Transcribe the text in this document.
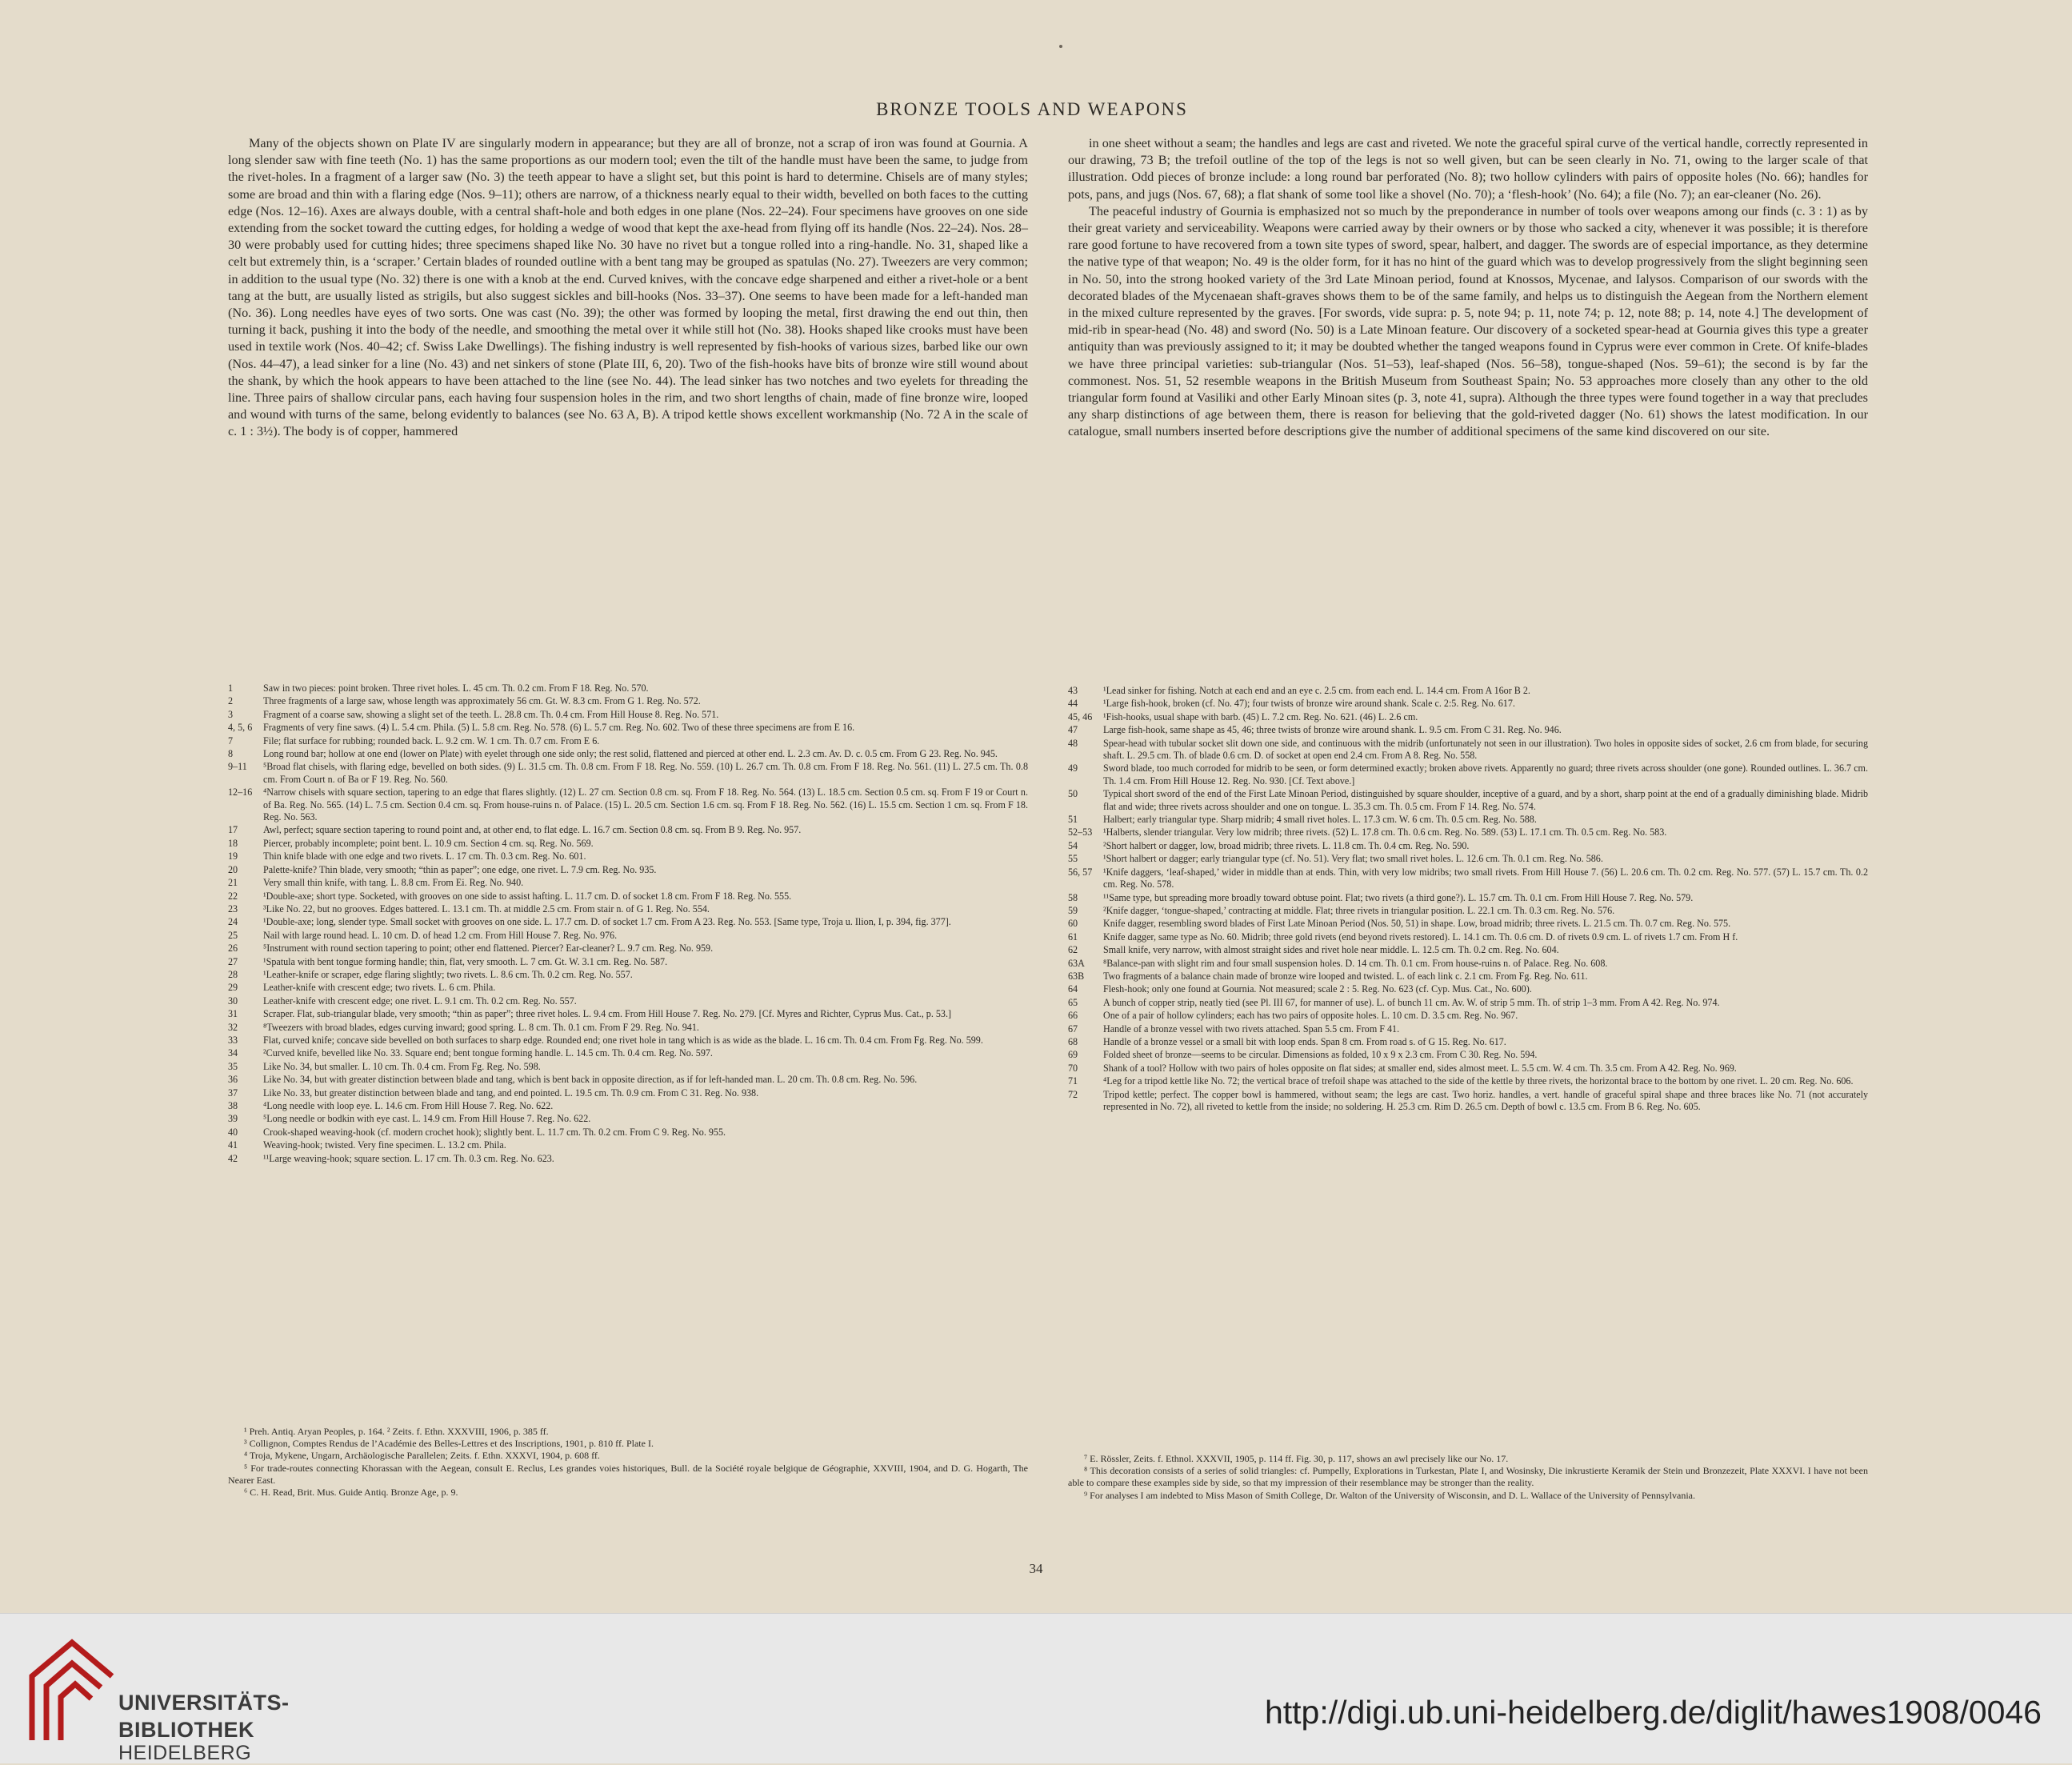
BRONZE TOOLS AND WEAPONS

Many of the objects shown on Plate IV are singularly modern in appearance; but they are all of bronze, not a scrap of iron was found at Gournia. A long slender saw with fine teeth (No. 1) has the same proportions as our modern tool; even the tilt of the handle must have been the same, to judge from the rivet-holes. In a fragment of a larger saw (No. 3) the teeth appear to have a slight set, but this point is hard to determine. Chisels are of many styles; some are broad and thin with a flaring edge (Nos. 9–11); others are narrow, of a thickness nearly equal to their width, bevelled on both faces to the cutting edge (Nos. 12–16). Axes are always double, with a central shaft-hole and both edges in one plane (Nos. 22–24). Four specimens have grooves on one side extending from the socket toward the cutting edges, for holding a wedge of wood that kept the axe-head from flying off its handle (Nos. 22–24). Nos. 28–30 were probably used for cutting hides; three specimens shaped like No. 30 have no rivet but a tongue rolled into a ring-handle. No. 31, shaped like a celt but extremely thin, is a ‘scraper.’ Certain blades of rounded outline with a bent tang may be grouped as spatulas (No. 27). Tweezers are very common; in addition to the usual type (No. 32) there is one with a knob at the end. Curved knives, with the concave edge sharpened and either a rivet-hole or a bent tang at the butt, are usually listed as strigils, but also suggest sickles and bill-hooks (Nos. 33–37). One seems to have been made for a left-handed man (No. 36). Long needles have eyes of two sorts. One was cast (No. 39); the other was formed by looping the metal, first drawing the end out thin, then turning it back, pushing it into the body of the needle, and smoothing the metal over it while still hot (No. 38). Hooks shaped like crooks must have been used in textile work (Nos. 40–42; cf. Swiss Lake Dwellings). The fishing industry is well represented by fish-hooks of various sizes, barbed like our own (Nos. 44–47), a lead sinker for a line (No. 43) and net sinkers of stone (Plate III, 6, 20). Two of the fish-hooks have bits of bronze wire still wound about the shank, by which the hook appears to have been attached to the line (see No. 44). The lead sinker has two notches and two eyelets for threading the line. Three pairs of shallow circular pans, each having four suspension holes in the rim, and two short lengths of chain, made of fine bronze wire, looped and wound with turns of the same, belong evidently to balances (see No. 63 A, B). A tripod kettle shows excellent workmanship (No. 72 A in the scale of c. 1 : 3½). The body is of copper, hammered

in one sheet without a seam; the handles and legs are cast and riveted. We note the graceful spiral curve of the vertical handle, correctly represented in our drawing, 73 B; the trefoil outline of the top of the legs is not so well given, but can be seen clearly in No. 71, owing to the larger scale of that illustration. Odd pieces of bronze include: a long round bar perforated (No. 8); two hollow cylinders with pairs of opposite holes (No. 66); handles for pots, pans, and jugs (Nos. 67, 68); a flat shank of some tool like a shovel (No. 70); a ‘flesh-hook’ (No. 64); a file (No. 7); an ear-cleaner (No. 26).

The peaceful industry of Gournia is emphasized not so much by the preponderance in number of tools over weapons among our finds (c. 3 : 1) as by their great variety and serviceability. Weapons were carried away by their owners or by those who sacked a city, whenever it was possible; it is therefore rare good fortune to have recovered from a town site types of sword, spear, halbert, and dagger. The swords are of especial importance, as they determine the native type of that weapon; No. 49 is the older form, for it has no hint of the guard which was to develop progressively from the slight beginning seen in No. 50, into the strong hooked variety of the 3rd Late Minoan period, found at Knossos, Mycenae, and Ialysos. Comparison of our swords with the decorated blades of the Mycenaean shaft-graves shows them to be of the same family, and helps us to distinguish the Aegean from the Northern element in the mixed culture represented by the graves. [For swords, vide supra: p. 5, note 94; p. 11, note 74; p. 12, note 88; p. 14, note 4.] The development of mid-rib in spear-head (No. 48) and sword (No. 50) is a Late Minoan feature. Our discovery of a socketed spear-head at Gournia gives this type a greater antiquity than was previously assigned to it; it may be doubted whether the tanged weapons found in Cyprus were ever common in Crete. Of knife-blades we have three principal varieties: sub-triangular (Nos. 51–53), leaf-shaped (Nos. 56–58), tongue-shaped (Nos. 59–61); the second is by far the commonest. Nos. 51, 52 resemble weapons in the British Museum from Southeast Spain; No. 53 approaches more closely than any other to the old triangular form found at Vasiliki and other Early Minoan sites (p. 3, note 41, supra). Although the three types were found together in a way that precludes any sharp distinctions of age between them, there is reason for believing that the gold-riveted dagger (No. 61) shows the latest modification. In our catalogue, small numbers inserted before descriptions give the number of additional specimens of the same kind discovered on our site.

1	Saw in two pieces: point broken. Three rivet holes. L. 45 cm. Th. 0.2 cm. From F 18. Reg. No. 570.
2	Three fragments of a large saw, whose length was approximately 56 cm. Gt. W. 8.3 cm. From G 1. Reg. No. 572.
3	Fragment of a coarse saw, showing a slight set of the teeth. L. 28.8 cm. Th. 0.4 cm. From Hill House 8. Reg. No. 571.
4, 5, 6	Fragments of very fine saws. (4) L. 5.4 cm. Phila. (5) L. 5.8 cm. Reg. No. 578. (6) L. 5.7 cm. Reg. No. 602. Two of these three specimens are from E 16.
7	File; flat surface for rubbing; rounded back. L. 9.2 cm. W. 1 cm. Th. 0.7 cm. From E 6.
8	Long round bar; hollow at one end (lower on Plate) with eyelet through one side only; the rest solid, flattened and pierced at other end. L. 2.3 cm. Av. D. c. 0.5 cm. From G 23. Reg. No. 945.
9–11	⁵Broad flat chisels, with flaring edge, bevelled on both sides. (9) L. 31.5 cm. Th. 0.8 cm. From F 18. Reg. No. 559. (10) L. 26.7 cm. Th. 0.8 cm. From F 18. Reg. No. 561. (11) L. 27.5 cm. Th. 0.8 cm. From Court n. of Ba or F 19. Reg. No. 560.
12–16	⁴Narrow chisels with square section, tapering to an edge that flares slightly. (12) L. 27 cm. Section 0.8 cm. sq. From F 18. Reg. No. 564. (13) L. 18.5 cm. Section 0.5 cm. sq. From F 19 or Court n. of Ba. Reg. No. 565. (14) L. 7.5 cm. Section 0.4 cm. sq. From house-ruins n. of Palace. (15) L. 20.5 cm. Section 1.6 cm. sq. From F 18. Reg. No. 562. (16) L. 15.5 cm. Section 1 cm. sq. From F 18. Reg. No. 563.
17	Awl, perfect; square section tapering to round point and, at other end, to flat edge. L. 16.7 cm. Section 0.8 cm. sq. From B 9. Reg. No. 957.
18	Piercer, probably incomplete; point bent. L. 10.9 cm. Section 4 cm. sq. Reg. No. 569.
19	Thin knife blade with one edge and two rivets. L. 17 cm. Th. 0.3 cm. Reg. No. 601.
20	Palette-knife? Thin blade, very smooth; “thin as paper”; one edge, one rivet. L. 7.9 cm. Reg. No. 935.
21	Very small thin knife, with tang. L. 8.8 cm. From Ei. Reg. No. 940.
22	¹Double-axe; short type. Socketed, with grooves on one side to assist hafting. L. 11.7 cm. D. of socket 1.8 cm. From F 18. Reg. No. 555.
23	³Like No. 22, but no grooves. Edges battered. L. 13.1 cm. Th. at middle 2.5 cm. From stair n. of G 1. Reg. No. 554.
24	¹Double-axe; long, slender type. Small socket with grooves on one side. L. 17.7 cm. D. of socket 1.7 cm. From A 23. Reg. No. 553. [Same type, Troja u. Ilion, I, p. 394, fig. 377].
25	Nail with large round head. L. 10 cm. D. of head 1.2 cm. From Hill House 7. Reg. No. 976.
26	⁵Instrument with round section tapering to point; other end flattened. Piercer? Ear-cleaner? L. 9.7 cm. Reg. No. 959.
27	¹Spatula with bent tongue forming handle; thin, flat, very smooth. L. 7 cm. Gt. W. 3.1 cm. Reg. No. 587.
28	¹Leather-knife or scraper, edge flaring slightly; two rivets. L. 8.6 cm. Th. 0.2 cm. Reg. No. 557.
29	Leather-knife with crescent edge; two rivets. L. 6 cm. Phila.
30	Leather-knife with crescent edge; one rivet. L. 9.1 cm. Th. 0.2 cm. Reg. No. 557.
31	Scraper. Flat, sub-triangular blade, very smooth; “thin as paper”; three rivet holes. L. 9.4 cm. From Hill House 7. Reg. No. 279. [Cf. Myres and Richter, Cyprus Mus. Cat., p. 53.]
32	⁸Tweezers with broad blades, edges curving inward; good spring. L. 8 cm. Th. 0.1 cm. From F 29. Reg. No. 941.
33	Flat, curved knife; concave side bevelled on both surfaces to sharp edge. Rounded end; one rivet hole in tang which is as wide as the blade. L. 16 cm. Th. 0.4 cm. From Fg. Reg. No. 599.
34	²Curved knife, bevelled like No. 33. Square end; bent tongue forming handle. L. 14.5 cm. Th. 0.4 cm. Reg. No. 597.
35	Like No. 34, but smaller. L. 10 cm. Th. 0.4 cm. From Fg. Reg. No. 598.
36	Like No. 34, but with greater distinction between blade and tang, which is bent back in opposite direction, as if for left-handed man. L. 20 cm. Th. 0.8 cm. Reg. No. 596.
37	Like No. 33, but greater distinction between blade and tang, and end pointed. L. 19.5 cm. Th. 0.9 cm. From C 31. Reg. No. 938.
38	⁴Long needle with loop eye. L. 14.6 cm. From Hill House 7. Reg. No. 622.
39	⁵Long needle or bodkin with eye cast. L. 14.9 cm. From Hill House 7. Reg. No. 622.
40	Crook-shaped weaving-hook (cf. modern crochet hook); slightly bent. L. 11.7 cm. Th. 0.2 cm. From C 9. Reg. No. 955.
41	Weaving-hook; twisted. Very fine specimen. L. 13.2 cm. Phila.
42	¹¹Large weaving-hook; square section. L. 17 cm. Th. 0.3 cm. Reg. No. 623.
43	¹Lead sinker for fishing. Notch at each end and an eye c. 2.5 cm. from each end. L. 14.4 cm. From A 16or B 2.
44	¹Large fish-hook, broken (cf. No. 47); four twists of bronze wire around shank. Scale c. 2:5. Reg. No. 617.
45, 46	¹Fish-hooks, usual shape with barb. (45) L. 7.2 cm. Reg. No. 621. (46) L. 2.6 cm.
47	Large fish-hook, same shape as 45, 46; three twists of bronze wire around shank. L. 9.5 cm. From C 31. Reg. No. 946.
48	Spear-head with tubular socket slit down one side, and continuous with the midrib (unfortunately not seen in our illustration). Two holes in opposite sides of socket, 2.6 cm from blade, for securing shaft. L. 29.5 cm. Th. of blade 0.6 cm. D. of socket at open end 2.4 cm. From A 8. Reg. No. 558.
49	Sword blade, too much corroded for midrib to be seen, or form determined exactly; broken above rivets. Apparently no guard; three rivets across shoulder (one gone). Rounded outlines. L. 36.7 cm. Th. 1.4 cm. From Hill House 12. Reg. No. 930. [Cf. Text above.]
50	Typical short sword of the end of the First Late Minoan Period, distinguished by square shoulder, inceptive of a guard, and by a short, sharp point at the end of a gradually diminishing blade. Midrib flat and wide; three rivets across shoulder and one on tongue. L. 35.3 cm. Th. 0.5 cm. From F 14. Reg. No. 574.
51	Halbert; early triangular type. Sharp midrib; 4 small rivet holes. L. 17.3 cm. W. 6 cm. Th. 0.5 cm. Reg. No. 588.
52–53	¹Halberts, slender triangular. Very low midrib; three rivets. (52) L. 17.8 cm. Th. 0.6 cm. Reg. No. 589. (53) L. 17.1 cm. Th. 0.5 cm. Reg. No. 583.
54	²Short halbert or dagger, low, broad midrib; three rivets. L. 11.8 cm. Th. 0.4 cm. Reg. No. 590.
55	¹Short halbert or dagger; early triangular type (cf. No. 51). Very flat; two small rivet holes. L. 12.6 cm. Th. 0.1 cm. Reg. No. 586.
56, 57	¹Knife daggers, ‘leaf-shaped,’ wider in middle than at ends. Thin, with very low midribs; two small rivets. From Hill House 7. (56) L. 20.6 cm. Th. 0.2 cm. Reg. No. 577. (57) L. 15.7 cm. Th. 0.2 cm. Reg. No. 578.
58	¹¹Same type, but spreading more broadly toward obtuse point. Flat; two rivets (a third gone?). L. 15.7 cm. Th. 0.1 cm. From Hill House 7. Reg. No. 579.
59	²Knife dagger, ‘tongue-shaped,’ contracting at middle. Flat; three rivets in triangular position. L. 22.1 cm. Th. 0.3 cm. Reg. No. 576.
60	Knife dagger, resembling sword blades of First Late Minoan Period (Nos. 50, 51) in shape. Low, broad midrib; three rivets. L. 21.5 cm. Th. 0.7 cm. Reg. No. 575.
61	Knife dagger, same type as No. 60. Midrib; three gold rivets (end beyond rivets restored). L. 14.1 cm. Th. 0.6 cm. D. of rivets 0.9 cm. L. of rivets 1.7 cm. From H f.
62	Small knife, very narrow, with almost straight sides and rivet hole near middle. L. 12.5 cm. Th. 0.2 cm. Reg. No. 604.
63A	⁸Balance-pan with slight rim and four small suspension holes. D. 14 cm. Th. 0.1 cm. From house-ruins n. of Palace. Reg. No. 608.
63B	Two fragments of a balance chain made of bronze wire looped and twisted. L. of each link c. 2.1 cm. From Fg. Reg. No. 611.
64	Flesh-hook; only one found at Gournia. Not measured; scale 2 : 5. Reg. No. 623 (cf. Cyp. Mus. Cat., No. 600).
65	A bunch of copper strip, neatly tied (see Pl. III 67, for manner of use). L. of bunch 11 cm. Av. W. of strip 5 mm. Th. of strip 1–3 mm. From A 42. Reg. No. 974.
66	One of a pair of hollow cylinders; each has two pairs of opposite holes. L. 10 cm. D. 3.5 cm. Reg. No. 967.
67	Handle of a bronze vessel with two rivets attached. Span 5.5 cm. From F 41.
68	Handle of a bronze vessel or a small bit with loop ends. Span 8 cm. From road s. of G 15. Reg. No. 617.
69	Folded sheet of bronze—seems to be circular. Dimensions as folded, 10 x 9 x 2.3 cm. From C 30. Reg. No. 594.
70	Shank of a tool? Hollow with two pairs of holes opposite on flat sides; at smaller end, sides almost meet. L. 5.5 cm. W. 4 cm. Th. 3.5 cm. From A 42. Reg. No. 969.
71	⁴Leg for a tripod kettle like No. 72; the vertical brace of trefoil shape was attached to the side of the kettle by three rivets, the horizontal brace to the bottom by one rivet. L. 20 cm. Reg. No. 606.
72	Tripod kettle; perfect. The copper bowl is hammered, without seam; the legs are cast. Two horiz. handles, a vert. handle of graceful spiral shape and three braces like No. 71 (not accurately represented in No. 72), all riveted to kettle from the inside; no soldering. H. 25.3 cm. Rim D. 26.5 cm. Depth of bowl c. 13.5 cm. From B 6. Reg. No. 605.

¹ Preh. Antiq. Aryan Peoples, p. 164. ² Zeits. f. Ethn. XXXVIII, 1906, p. 385 ff.

³ Collignon, Comptes Rendus de l’Académie des Belles-Lettres et des Inscriptions, 1901, p. 810 ff. Plate I.

⁴ Troja, Mykene, Ungarn, Archäologische Parallelen; Zeits. f. Ethn. XXXVI, 1904, p. 608 ff.

⁵ For trade-routes connecting Khorassan with the Aegean, consult E. Reclus, Les grandes voies historiques, Bull. de la Société royale belgique de Géographie, XXVIII, 1904, and D. G. Hogarth, The Nearer East.

⁶ C. H. Read, Brit. Mus. Guide Antiq. Bronze Age, p. 9.

⁷ E. Rössler, Zeits. f. Ethnol. XXXVII, 1905, p. 114 ff. Fig. 30, p. 117, shows an awl precisely like our No. 17.

⁸ This decoration consists of a series of solid triangles: cf. Pumpelly, Explorations in Turkestan, Plate I, and Wosinsky, Die inkrustierte Keramik der Stein und Bronzezeit, Plate XXXVI. I have not been able to compare these examples side by side, so that my impression of their resemblance may be stronger than the reality.

⁹ For analyses I am indebted to Miss Mason of Smith College, Dr. Walton of the University of Wisconsin, and D. L. Wallace of the University of Pennsylvania.

34
UNIVERSITÄTS-
BIBLIOTHEK
HEIDELBERG
http://digi.ub.uni-heidelberg.de/diglit/hawes1908/0046
